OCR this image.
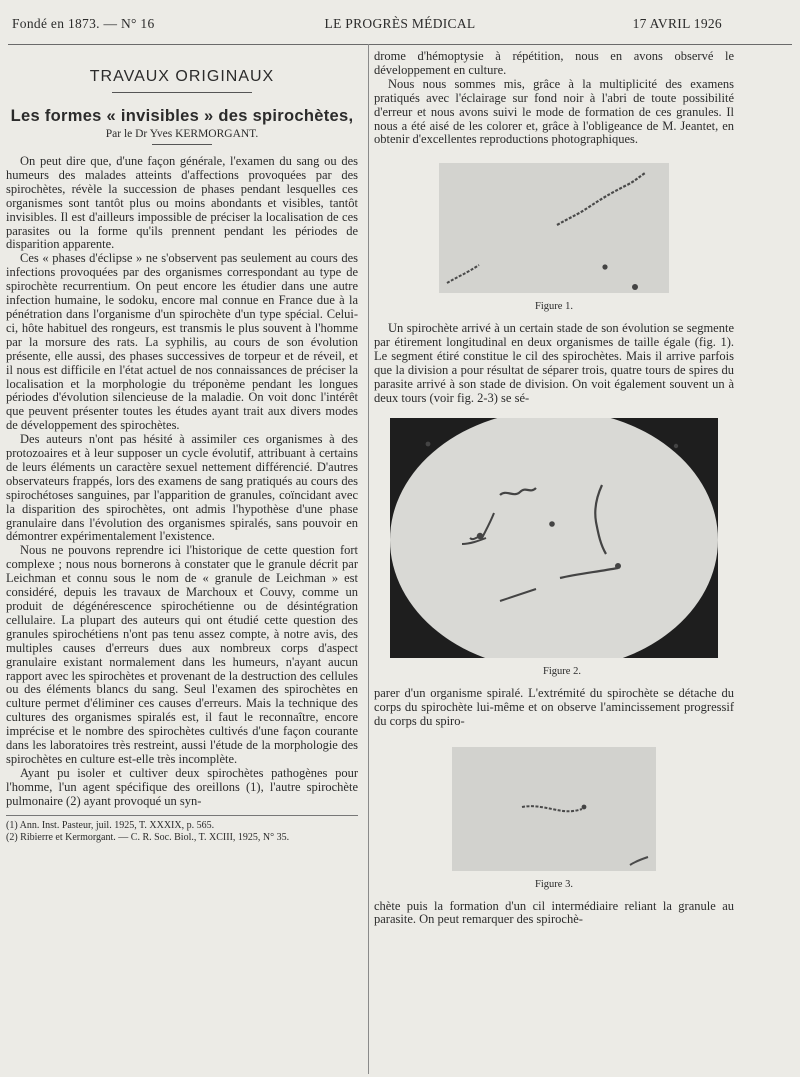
Fondé en 1873. — N° 16	LE PROGRÈS MÉDICAL	17 AVRIL 1926
TRAVAUX ORIGINAUX
Les formes « invisibles » des spirochètes,
Par le Dr Yves KERMORGANT.

On peut dire que, d'une façon générale, l'examen du sang ou des humeurs des malades atteints d'affections provoquées par des spirochètes, révèle la succession de phases pendant lesquelles ces organismes sont tantôt plus ou moins abondants et visibles, tantôt invisibles. Il est d'ailleurs impossible de préciser la localisation de ces parasites ou la forme qu'ils prennent pendant les périodes de disparition apparente.

Ces « phases d'éclipse » ne s'observent pas seulement au cours des infections provoquées par des organismes correspondant au type de spirochète recurrentium. On peut encore les étudier dans une autre infection humaine, le sodoku, encore mal connue en France due à la pénétration dans l'organisme d'un spirochète d'un type spécial. Celui-ci, hôte habituel des rongeurs, est transmis le plus souvent à l'homme par la morsure des rats. La syphilis, au cours de son évolution présente, elle aussi, des phases successives de torpeur et de réveil, et il nous est difficile en l'état actuel de nos connaissances de préciser la localisation et la morphologie du tréponème pendant les longues périodes d'évolution silencieuse de la maladie. On voit donc l'intérêt que peuvent présenter toutes les études ayant trait aux divers modes de développement des spirochètes.

Des auteurs n'ont pas hésité à assimiler ces organismes à des protozoaires et à leur supposer un cycle évolutif, attribuant à certains de leurs éléments un caractère sexuel nettement différencié. D'autres observateurs frappés, lors des examens de sang pratiqués au cours des spirochétoses sanguines, par l'apparition de granules, coïncidant avec la disparition des spirochètes, ont admis l'hypothèse d'une phase granulaire dans l'évolution des organismes spiralés, sans pouvoir en démontrer expérimentalement l'existence.

Nous ne pouvons reprendre ici l'historique de cette question fort complexe ; nous nous bornerons à constater que le granule décrit par Leichman et connu sous le nom de « granule de Leichman » est considéré, depuis les travaux de Marchoux et Couvy, comme un produit de dégénérescence spirochétienne ou de désintégration cellulaire. La plupart des auteurs qui ont étudié cette question des granules spirochétiens n'ont pas tenu assez compte, à notre avis, des multiples causes d'erreurs dues aux nombreux corps d'aspect granulaire existant normalement dans les humeurs, n'ayant aucun rapport avec les spirochètes et provenant de la destruction des cellules ou des éléments blancs du sang. Seul l'examen des spirochètes en culture permet d'éliminer ces causes d'erreurs. Mais la technique des cultures des organismes spiralés est, il faut le reconnaître, encore imprécise et le nombre des spirochètes cultivés d'une façon courante dans les laboratoires très restreint, aussi l'étude de la morphologie des spirochètes en culture est-elle très incomplète.

Ayant pu isoler et cultiver deux spirochètes pathogènes pour l'homme, l'un agent spécifique des oreillons (1), l'autre spirochète pulmonaire (2) ayant provoqué un syn-

(1) Ann. Inst. Pasteur, juil. 1925, T. XXXIX, p. 565.

(2) Ribierre et Kermorgant. — C. R. Soc. Biol., T. XCIII, 1925, N° 35.

drome d'hémoptysie à répétition, nous en avons observé le développement en culture.

Nous nous sommes mis, grâce à la multiplicité des examens pratiqués avec l'éclairage sur fond noir à l'abri de toute possibilité d'erreur et nous avons suivi le mode de formation de ces granules. Il nous a été aisé de les colorer et, grâce à l'obligeance de M. Jeantet, en obtenir d'excellentes reproductions photographiques.

Figure 1.

Un spirochète arrivé à un certain stade de son évolution se segmente par étirement longitudinal en deux organismes de taille égale (fig. 1). Le segment étiré constitue le cil des spirochètes. Mais il arrive parfois que la division a pour résultat de séparer trois, quatre tours de spires du parasite arrivé à son stade de division. On voit également souvent un à deux tours (voir fig. 2-3) se sé-

Figure 2.

parer d'un organisme spiralé. L'extrémité du spirochète se détache du corps du spirochète lui-même et on observe l'amincissement progressif du corps du spiro-

Figure 3.

chète puis la formation d'un cil intermédiaire reliant la granule au parasite. On peut remarquer des spirochè-
